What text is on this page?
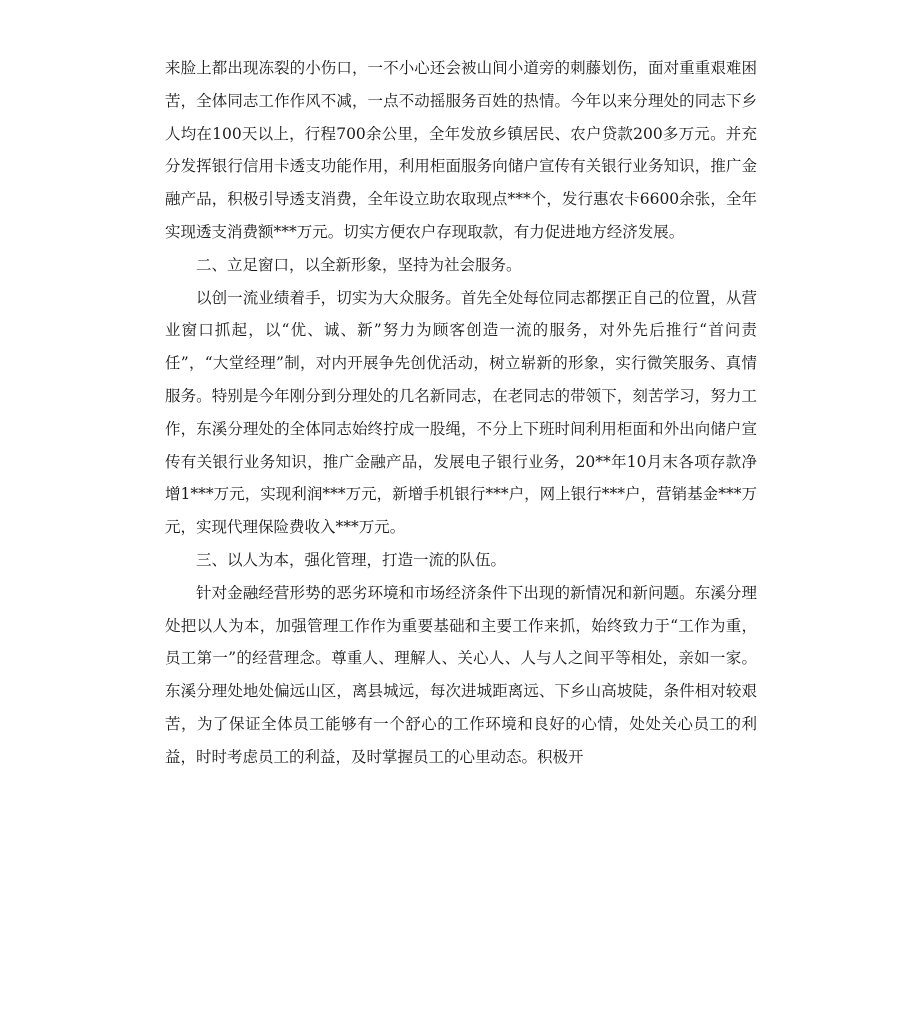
来脸上都出现冻裂的小伤口，一不小心还会被山间小道旁的刺藤划伤，面对重重艰难困苦，全体同志工作作风不减，一点不动摇服务百姓的热情。今年以来分理处的同志下乡人均在100天以上，行程700余公里，全年发放乡镇居民、农户贷款200多万元。并充分发挥银行信用卡透支功能作用，利用柜面服务向储户宣传有关银行业务知识，推广金融产品，积极引导透支消费，全年设立助农取现点***个，发行惠农卡6600余张，全年实现透支消费额***万元。切实方便农户存现取款，有力促进地方经济发展。

二、立足窗口，以全新形象，坚持为社会服务。

以创一流业绩着手，切实为大众服务。首先全处每位同志都摆正自己的位置，从营业窗口抓起，以“优、诚、新”努力为顾客创造一流的服务，对外先后推行“首问责任”，“大堂经理”制，对内开展争先创优活动，树立崭新的形象，实行微笑服务、真情服务。特别是今年刚分到分理处的几名新同志，在老同志的带领下，刻苦学习，努力工作，东溪分理处的全体同志始终拧成一股绳，不分上下班时间利用柜面和外出向储户宣传有关银行业务知识，推广金融产品，发展电子银行业务，20**年10月末各项存款净增1***万元，实现利润***万元，新增手机银行***户，网上银行***户，营销基金***万元，实现代理保险费收入***万元。

三、以人为本，强化管理，打造一流的队伍。

针对金融经营形势的恶劣环境和市场经济条件下出现的新情况和新问题。东溪分理处把以人为本，加强管理工作作为重要基础和主要工作来抓，始终致力于“工作为重，员工第一”的经营理念。尊重人、理解人、关心人、人与人之间平等相处，亲如一家。东溪分理处地处偏远山区，离县城远，每次进城距离远、下乡山高坡陡，条件相对较艰苦，为了保证全体员工能够有一个舒心的工作环境和良好的心情，处处关心员工的利益，时时考虑员工的利益，及时掌握员工的心里动态。积极开
